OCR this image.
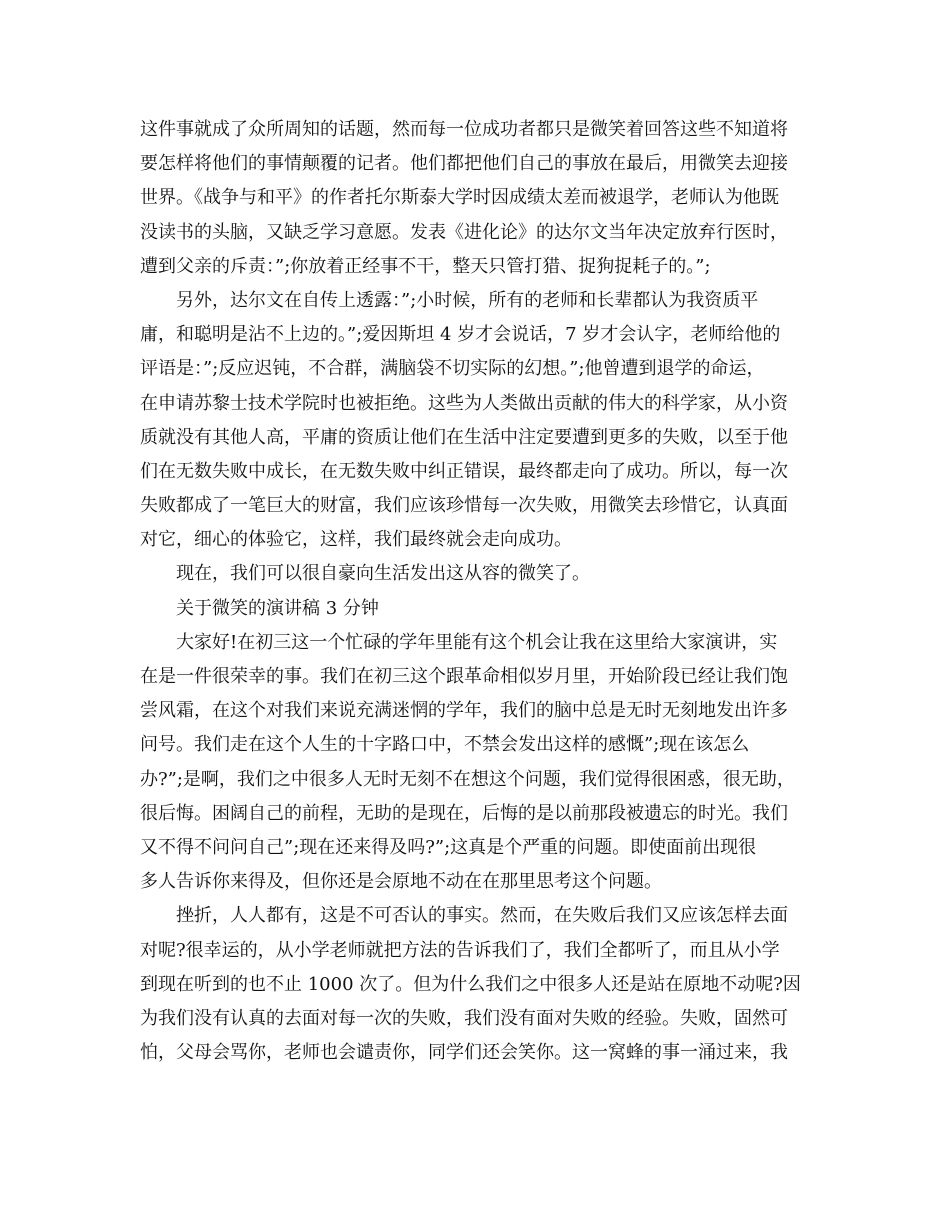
这件事就成了众所周知的话题，然而每一位成功者都只是微笑着回答这些不知道将
要怎样将他们的事情颠覆的记者。他们都把他们自己的事放在最后，用微笑去迎接
世界。《战争与和平》的作者托尔斯泰大学时因成绩太差而被退学，老师认为他既
没读书的头脑，又缺乏学习意愿。发表《进化论》的达尔文当年决定放弃行医时，
遭到父亲的斥责：”;你放着正经事不干，整天只管打猎、捉狗捉耗子的。”;
另外，达尔文在自传上透露：”;小时候，所有的老师和长辈都认为我资质平
庸，和聪明是沾不上边的。”;爱因斯坦 4 岁才会说话，7 岁才会认字，老师给他的
评语是：”;反应迟钝，不合群，满脑袋不切实际的幻想。”;他曾遭到退学的命运，
在申请苏黎士技术学院时也被拒绝。这些为人类做出贡献的伟大的科学家，从小资
质就没有其他人高，平庸的资质让他们在生活中注定要遭到更多的失败，以至于他
们在无数失败中成长，在无数失败中纠正错误，最终都走向了成功。所以，每一次
失败都成了一笔巨大的财富，我们应该珍惜每一次失败，用微笑去珍惜它，认真面
对它，细心的体验它，这样，我们最终就会走向成功。
现在，我们可以很自豪向生活发出这从容的微笑了。
关于微笑的演讲稿 3 分钟
大家好!在初三这一个忙碌的学年里能有这个机会让我在这里给大家演讲，实
在是一件很荣幸的事。我们在初三这个跟革命相似岁月里，开始阶段已经让我们饱
尝风霜，在这个对我们来说充满迷惘的学年，我们的脑中总是无时无刻地发出许多
问号。我们走在这个人生的十字路口中，不禁会发出这样的感慨”;现在该怎么
办?”;是啊，我们之中很多人无时无刻不在想这个问题，我们觉得很困惑，很无助，
很后悔。困阔自己的前程，无助的是现在，后悔的是以前那段被遗忘的时光。我们
又不得不问问自己”;现在还来得及吗?”;这真是个严重的问题。即使面前出现很
多人告诉你来得及，但你还是会原地不动在在那里思考这个问题。
挫折，人人都有，这是不可否认的事实。然而，在失败后我们又应该怎样去面
对呢?很幸运的，从小学老师就把方法的告诉我们了，我们全都听了，而且从小学
到现在听到的也不止 1000 次了。但为什么我们之中很多人还是站在原地不动呢?因
为我们没有认真的去面对每一次的失败，我们没有面对失败的经验。失败，固然可
怕，父母会骂你，老师也会谴责你，同学们还会笑你。这一窝蜂的事一涌过来，我
